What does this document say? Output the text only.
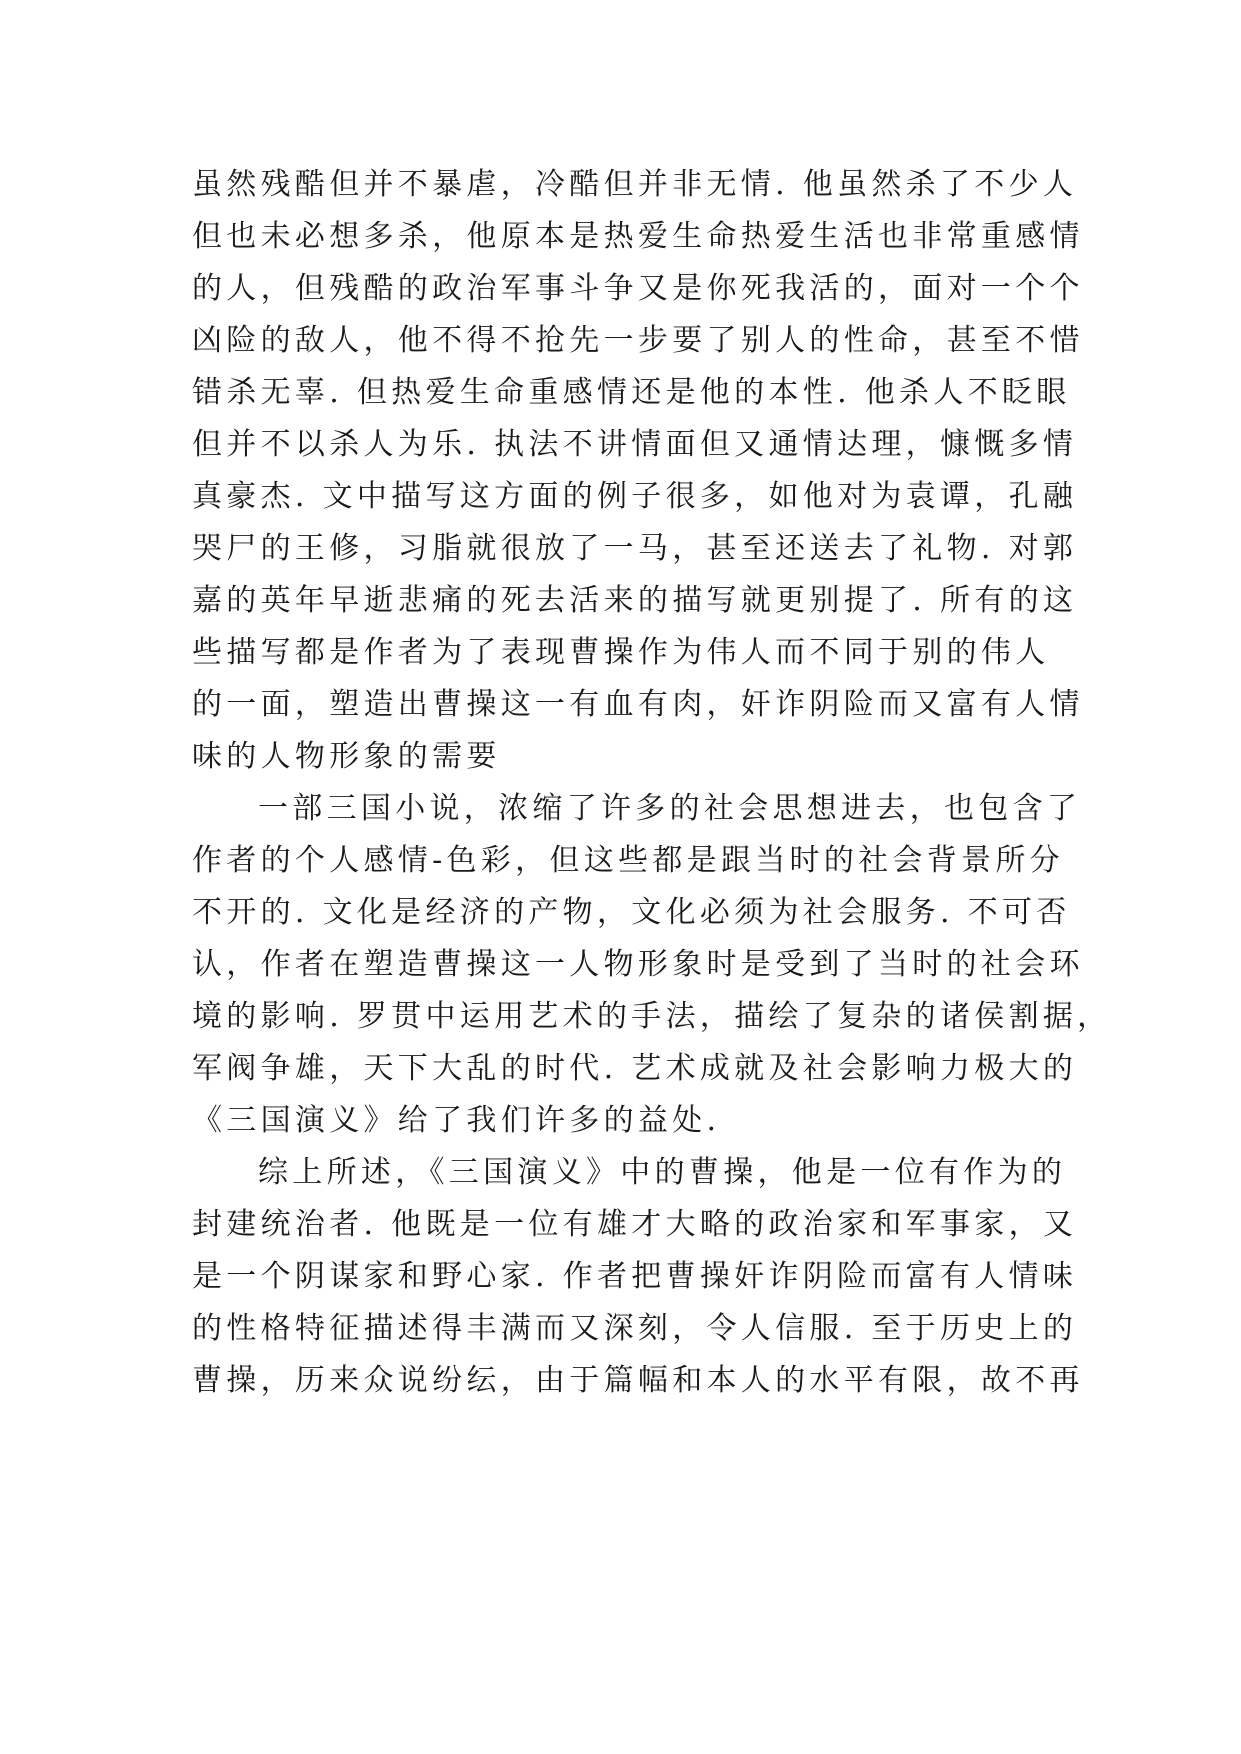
虽然残酷但并不暴虐，冷酷但并非无情. 他虽然杀了不少人
但也未必想多杀，他原本是热爱生命热爱生活也非常重感情
的人，但残酷的政治军事斗争又是你死我活的，面对一个个
凶险的敌人，他不得不抢先一步要了别人的性命，甚至不惜
错杀无辜. 但热爱生命重感情还是他的本性. 他杀人不眨眼
但并不以杀人为乐. 执法不讲情面但又通情达理，慷慨多情
真豪杰. 文中描写这方面的例子很多，如他对为袁谭，孔融
哭尸的王修，习脂就很放了一马，甚至还送去了礼物. 对郭
嘉的英年早逝悲痛的死去活来的描写就更别提了. 所有的这
些描写都是作者为了表现曹操作为伟人而不同于别的伟人
的一面，塑造出曹操这一有血有肉，奸诈阴险而又富有人情
味的人物形象的需要
一部三国小说，浓缩了许多的社会思想进去，也包含了
作者的个人感情-色彩，但这些都是跟当时的社会背景所分
不开的. 文化是经济的产物，文化必须为社会服务. 不可否
认，作者在塑造曹操这一人物形象时是受到了当时的社会环
境的影响. 罗贯中运用艺术的手法，描绘了复杂的诸侯割据，
军阀争雄，天下大乱的时代. 艺术成就及社会影响力极大的
《三国演义》给了我们许多的益处.
综上所述，《三国演义》中的曹操，他是一位有作为的
封建统治者. 他既是一位有雄才大略的政治家和军事家，又
是一个阴谋家和野心家. 作者把曹操奸诈阴险而富有人情味
的性格特征描述得丰满而又深刻，令人信服. 至于历史上的
曹操，历来众说纷纭，由于篇幅和本人的水平有限，故不再
